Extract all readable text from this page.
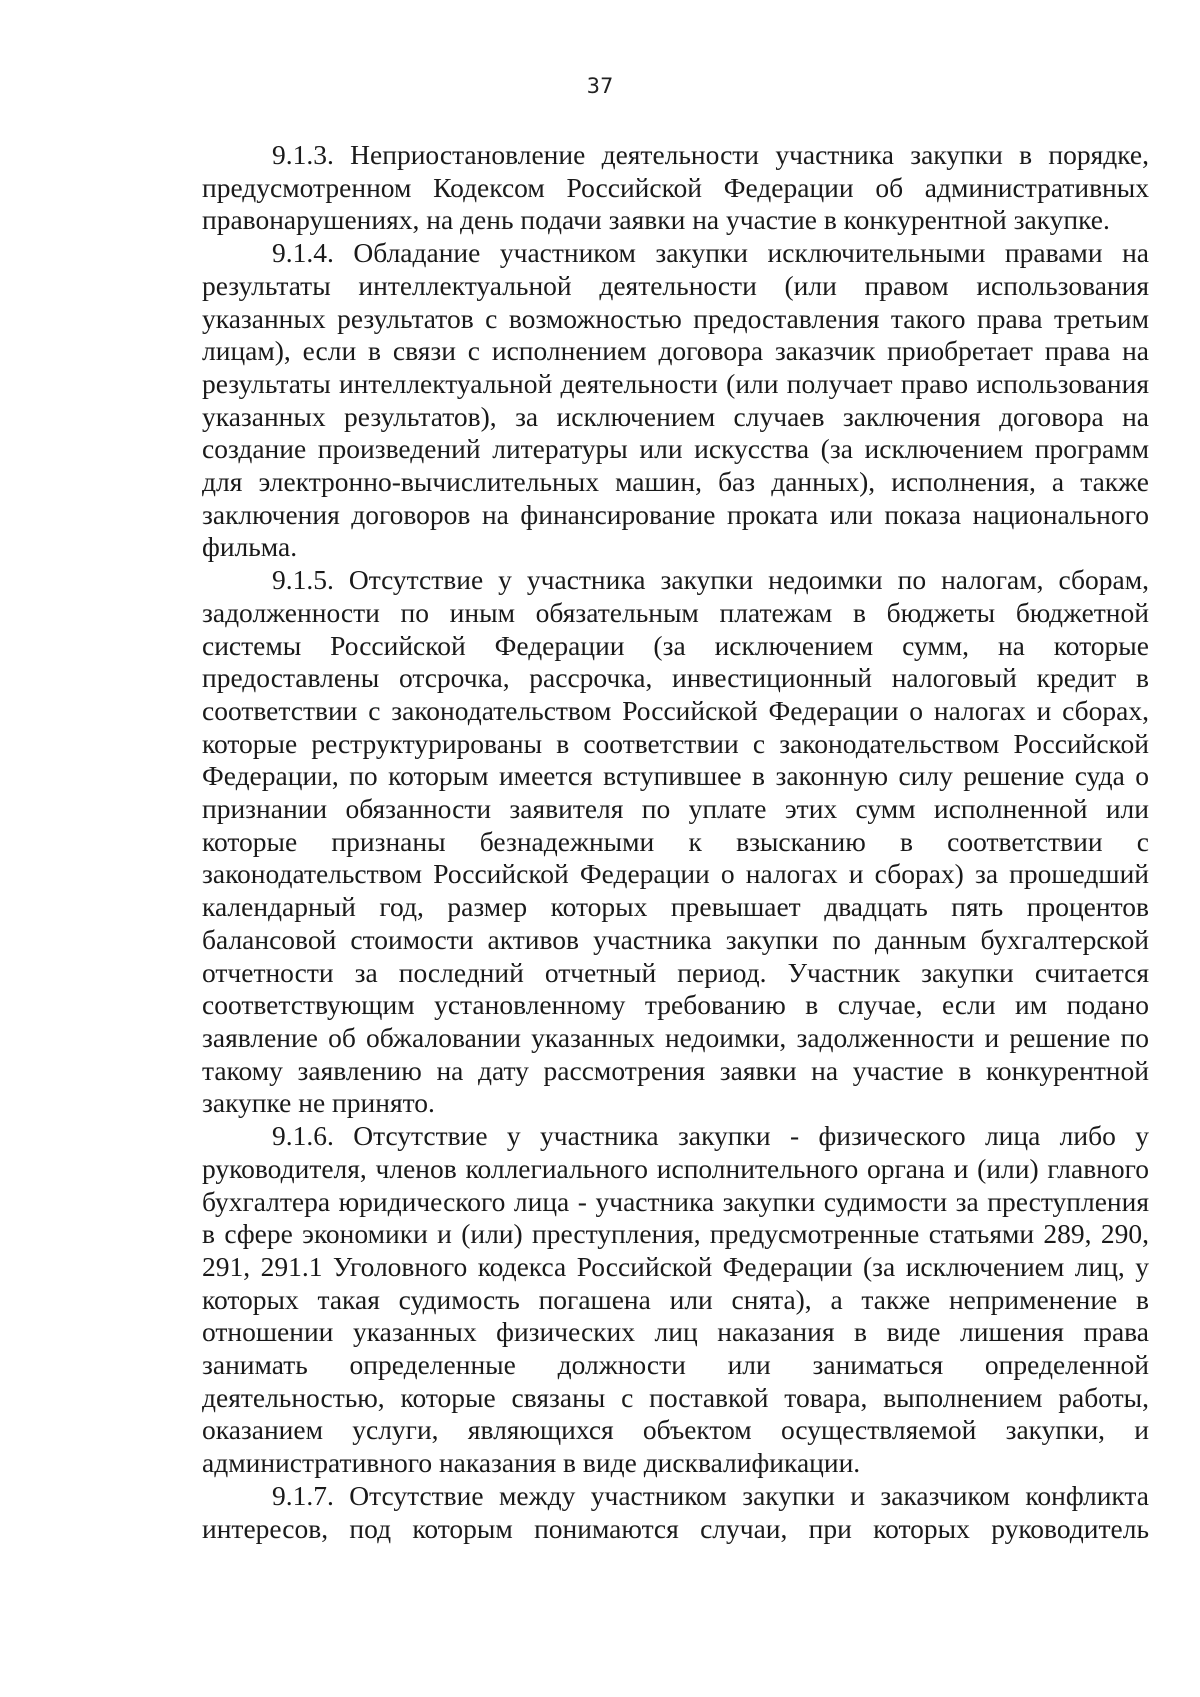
37

9.1.3. Неприостановление деятельности участника закупки в порядке, предусмотренном Кодексом Российской Федерации об административных правонарушениях, на день подачи заявки на участие в конкурентной закупке.

9.1.4. Обладание участником закупки исключительными правами на результаты интеллектуальной деятельности (или правом использования указанных результатов с возможностью предоставления такого права третьим лицам), если в связи с исполнением договора заказчик приобретает права на результаты интеллектуальной деятельности (или получает право использования указанных результатов), за исключением случаев заключения договора на создание произведений литературы или искусства (за исключением программ для электронно-вычислительных машин, баз данных), исполнения, а также заключения договоров на финансирование проката или показа национального фильма.

9.1.5. Отсутствие у участника закупки недоимки по налогам, сборам, задолженности по иным обязательным платежам в бюджеты бюджетной системы Российской Федерации (за исключением сумм, на которые предоставлены отсрочка, рассрочка, инвестиционный налоговый кредит в соответствии с законодательством Российской Федерации о налогах и сборах, которые реструктурированы в соответствии с законодательством Российской Федерации, по которым имеется вступившее в законную силу решение суда о признании обязанности заявителя по уплате этих сумм исполненной или которые признаны безнадежными к взысканию в соответствии с законодательством Российской Федерации о налогах и сборах) за прошедший календарный год, размер которых превышает двадцать пять процентов балансовой стоимости активов участника закупки по данным бухгалтерской отчетности за последний отчетный период. Участник закупки считается соответствующим установленному требованию в случае, если им подано заявление об обжаловании указанных недоимки, задолженности и решение по такому заявлению на дату рассмотрения заявки на участие в конкурентной закупке не принято.

9.1.6. Отсутствие у участника закупки - физического лица либо у руководителя, членов коллегиального исполнительного органа и (или) главного бухгалтера юридического лица - участника закупки судимости за преступления в сфере экономики и (или) преступления, предусмотренные статьями 289, 290, 291, 291.1 Уголовного кодекса Российской Федерации (за исключением лиц, у которых такая судимость погашена или снята), а также неприменение в отношении указанных физических лиц наказания в виде лишения права занимать определенные должности или заниматься определенной деятельностью, которые связаны с поставкой товара, выполнением работы, оказанием услуги, являющихся объектом осуществляемой закупки, и административного наказания в виде дисквалификации.

9.1.7. Отсутствие между участником закупки и заказчиком конфликта интересов, под которым понимаются случаи, при которых руководитель
